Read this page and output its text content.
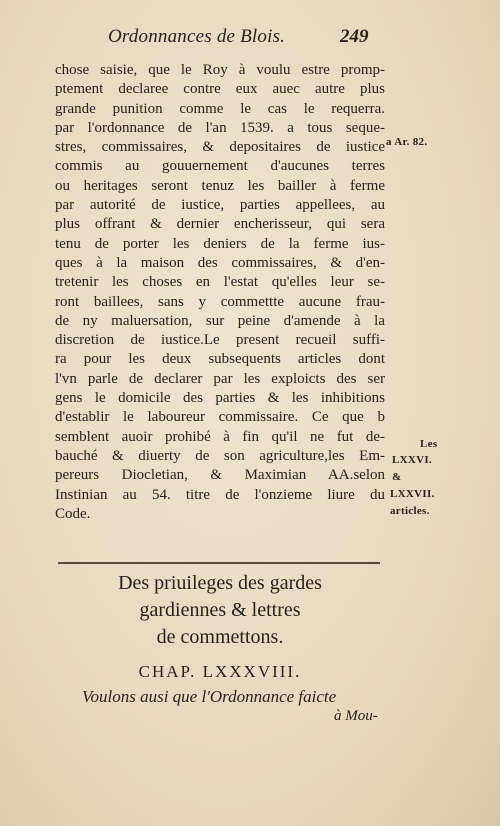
Ordonnances de Blois.	249
chose saisie, que le Roy à voulu estre promp-
ptement declaree contre eux auec autre plus
grande punition comme le cas le requerra.
par l'ordonnance de l'an 1539. a tous seque-
stres, commissaires, & depositaires de iustice
commis au gouuernement d'aucunes terres
ou heritages seront tenuz les bailler à ferme
par autorité de iustice, parties appellees, au
plus offrant & dernier encherisseur, qui sera
tenu de porter les deniers de la ferme ius-
ques à la maison des commissaires, & d'en-
tretenir les choses en l'estat qu'elles leur se-
ront baillees, sans y commettte aucune frau-
de ny maluersation, sur peine d'amende à la
discretion de iustice.Le present recueil suffi-
ra pour les deux subsequents articles dont
l'vn parle de declarer par les exploicts des ser
gens le domicile des parties & les inhibitions
d'establir le laboureur commissaire. Ce que b
semblent auoir prohibé à fin qu'il ne fut de-
bauché & diuerty de son agriculture,les Em-
pereurs Diocletian, & Maximian AA.selon
Instinian au 54. titre de l'onzieme liure du
Code.
a Ar. 82.
Les
LXXVI.
&
LXXVII.
articles.
Des priuileges des gardes
gardiennes & lettres
de commettons.
CHAP. LXXXVIII.
Voulons ausi que l'Ordonnance faicte
à Mou-
